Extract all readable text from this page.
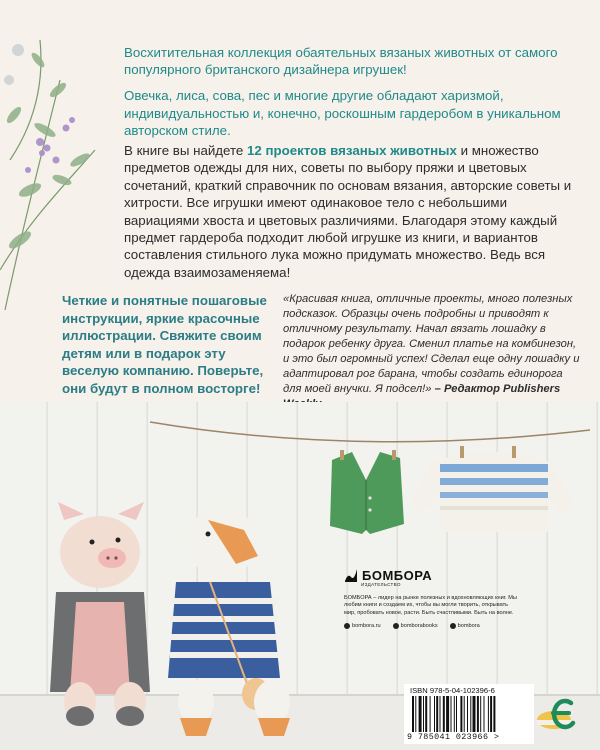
Восхитительная коллекция обаятельных вязаных животных от самого популярного британского дизайнера игрушек!

Овечка, лиса, сова, пес и многие другие обладают харизмой, индивидуальностью и, конечно, роскошным гардеробом в уникальном авторском стиле.

В книге вы найдете 12 проектов вязаных животных и множество предметов одежды для них, советы по выбору пряжи и цветовых сочетаний, краткий справочник по основам вязания, авторские советы и хитрости. Все игрушки имеют одинаковое тело с небольшими вариациями хвоста и цветовых различиями. Благодаря этому каждый предмет гардероба подходит любой игрушке из книги, и вариантов составления стильного лука можно придумать множество. Ведь вся одежда взаимозаменяема!
Четкие и понятные пошаговые инструкции, яркие красочные иллюстрации. Свяжите своим детям или в подарок эту веселую компанию. Поверьте, они будут в полном восторге!
«Красивая книга, отличные проекты, много полезных подсказок. Образцы очень подробны и приводят к отличному результату. Начал вязать лошадку в подарок ребенку друга. Сменил платье на комбинезон, и это был огромный успех! Сделал еще одну лошадку и адаптировал рог барана, чтобы создать единорога для моей внучки. Я подсел!» – Редактор Publishers
БОМБОРА
ИЗДАТЕЛЬСТВО
БОМБОРА – лидер на рынке полезных и вдохновляющих книг. Мы любим книги и создаем их, чтобы вы могли творить, открывать мир, пробовать новое, расти. Быть счастливыми. Быть на волне.
bombora.ru	bomborabooks	bombora
ISBN 978-5-04-102396-6
9 785041 023966 >
